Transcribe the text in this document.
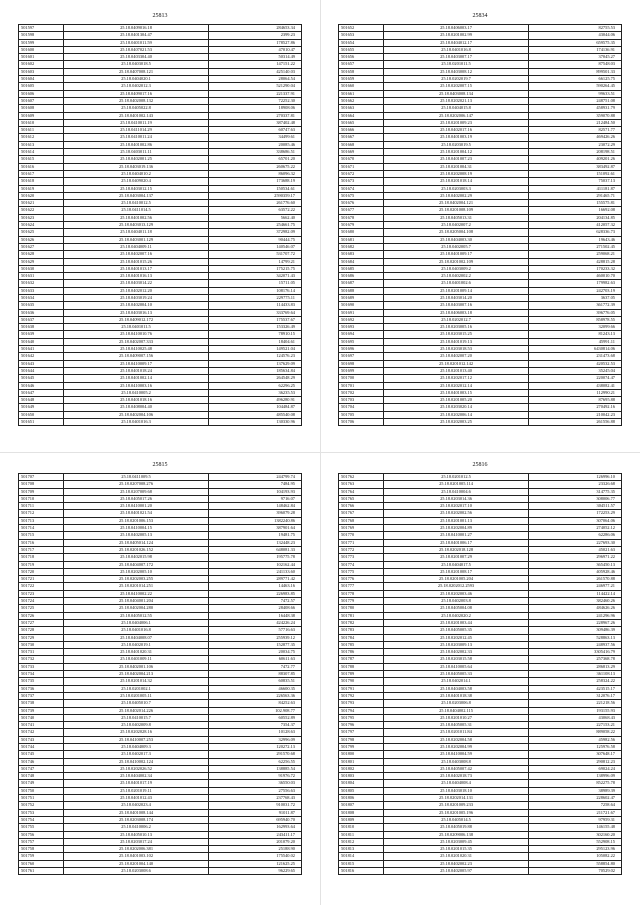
25813
501597	25.18.0409016.18	284653.34
501598	25.18.0401304.47	2399.23
501599	25.18.0401011.59	178527.86
501600	25.18.0407021.53	47010.47
501601	25.18.0403304.40	50314.49
501602	25.18.0403018.5	147151.22
501603	25.18.0407008.121	425140.03
501604	25.18.0404020.1	28064.54
501605	25.18.0402012.3	521290.04
501606	25.18.0409017.16	221337.91
501607	25.18.0402008.132	72252.30
501608	25.18.0405022.8	18908.06
501609	25.18.0401002.143	270337.81
501610	25.18.0410011.19	387402.48
501611	25.18.0411014.29	60747.63
501612	25.18.0410011.24	34499.61
501613	25.18.0401002.86	20085.46
501614	25.18.0403011.11	338686.51
501615	25.18.0402001.25	65701.20
501616	25.18.0403019.136	260675.22
501617	25.18.0404010.2	86096.32
501618	25.18.0409020.4	173688.19
501619	25.18.0403012.15	150534.61
501620	25.18.0403004.137	2590359.17
501621	25.18.0410012.5	261776.60
501622	25.18.0411014.5	63572.22
501623	25.18.0401002.56	5662.40
501624	25.18.0403013.129	254661.75
501625	25.18.0404011.18	372982.09
501626	25.18.0403001.129	90444.75
501627	25.18.0404009.11	140546.07
501628	25.18.0402007.16	531707.72
501629	25.18.0401015.26	14799.21
501630	25.18.0401013.17	175215.75
501631	25.18.0401016.13	342071.43
501632	25.18.0403014.22	15711.05
501633	25.18.0402012.20	108176.14
501634	25.18.0403019.24	229775.11
501635	25.18.0402004.10	114433.83
501636	25.18.0403016.13	333769.64
501637	25.18.0409012.172	175537.67
501638	25.18.0401011.5	153326.49
501639	25.18.0410010.76	78910.15
501640	25.18.0402007.333	18404.61
501641	25.18.0410025.48	149521.04
501642	25.18.0409007.156	124576.23
501643	25.18.0410009.17	137629.09
501644	25.18.0401018.24	185634.84
501645	25.18.0401002.14	264548.29
501646	25.18.0410003.16	62296.25
501647	25.18.0410005.2	36235.53
501648	25.18.0401018.16	496280.91
501649	25.18.0408004.40	104484.87
501650	25.18.0402004.106	485540.08
501651	25.18.0401016.3	130330.96
25834
501652	25.18.0406003.17	82755.53
501653	25.18.0201002.99	43044.06
501654	25.18.0404012.17	659575.35
501655	25.18.0401016.8	174136.91
501656	25.18.0403007.17	37045.27
501657	25.18.0201011.5	87548.03
501658	25.18.0403008.12	899501.33
501659	25.18.0202019.7	66125.75
501660	25.18.0202007.15	590264.45
501661	25.18.0403008.134	99633.51
501662	25.18.0202021.13	248751.08
501663	25.18.0404015.8	458931.79
501664	25.18.0202006.147	359070.88
501665	25.18.0201009.23	212484.50
501666	25.18.0402017.16	82571.77
501667	25.18.0401003.19	469426.26
501668	25.18.0203019.5	23072.29
501669	25.18.0201004.12	208198.51
501670	25.18.0401007.23	409201.26
501671	25.18.0201004.31	383492.87
501672	25.18.0202008.19	151092.61
501673	25.18.0201018.14	75037.13
501674	25.18.0203003.3	411181.87
501675	25.18.0402002.29	291465.71
501676	25.18.0402004.121	155575.81
501677	25.18.0201008.109	16692.08
501678	25.18.0405013.31	204134.85
501679	25.18.0402007.2	412057.32
501680	25.18.0205004.108	628336.73
501681	25.18.0404003.30	19643.46
501682	25.18.0402005.7	271502.45
501683	25.18.0401009.17	259068.21
501684	25.18.0201002.109	428815.28
501685	25.18.0403009.2	170233.32
501686	25.18.0402002.2	460010.70
501687	25.18.0401002.6	179982.63
501688	25.18.0201009.14	242703.19
501689	25.18.0403014.20	3637.05
501690	25.18.0403007.16	361772.39
501691	25.18.0406003.18	396776.05
501692	25.18.0202012.7	858978.55
501693	25.18.0203005.16	32099.66
501694	25.18.0203015.25	81243.13
501695	25.18.0401019.13	45991.11
501696	25.18.0203018.53	6430814.06
501697	25.18.0402007.20	231473.68
501698	25.18.0201012.142	420532.53
501699	25.18.0201013.40	35245.04
501700	25.18.0202017.12	220074.47
501701	25.18.0202012.14	438082.41
501702	25.18.0401003.15	112990.21
501703	25.18.0201005.20	87695.88
501704	25.18.0203020.14	270492.16
501705	25.18.0202006.14	210042.23
501706	25.18.0202003.25	261556.88
25815
501707	25.18.0411009.5	244799.74
501708	25.18.0207008.276	7484.95
501709	25.18.0207009.68	104193.93
501710	25.18.0405017.26	9716.07
501711	25.18.0410001.20	148462.84
501712	25.18.0401021.54	396079.28
501713	25.18.0201006.153	1382240.86
501714	25.18.0410004.15	387901.64
501715	25.18.0402005.13	19481.75
501716	25.18.0405014.124	132448.23
501717	25.18.0201026.152	648081.33
501718	25.18.0402015.98	195775.78
501719	25.18.0404007.172	102162.44
501720	25.18.0202005.10	241133.60
501721	25.18.0202003.255	289771.42
501722	25.18.0201014.251	14463.16
501723	25.18.0410002.22	226983.85
501724	25.18.0404001.204	7472.57
501725	25.18.0402004.280	28408.66
501726	25.18.0405012.55	16448.38
501727	25.18.0404006.1	424226.24
501728	25.18.0401016.8	57716.63
501729	25.18.0404008.07	255939.12
501730	25.18.0402019.1	152877.35
501731	25.18.0401020.31	20034.75
501732	25.18.0401009.11	60611.63
501733	25.18.0402001.106	7472.77
501734	25.18.0402004.213	88307.85
501735	25.18.0201014.32	60835.51
501736	25.18.0201002.1	46600.35
501737	25.18.0201005.11	226563.36
501738	25.18.0405010.7	84252.63
501739	25.18.0402014.226	102.908.77
501740	25.18.0410015.7	60552.89
501741	25.18.0402009.8	7354.37
501742	25.18.0202028.16	10128.63
501743	25.18.0410007.253	32996.09
501744	25.18.0404009.3	120272.13
501745	25.18.0402017.3	291570.68
501746	25.18.0410002.124	62256.55
501747	25.18.0202026.52	138885.54
501748	25.18.0404002.34	91976.72
501749	25.18.0401017.19	36550.03
501750	25.18.0201019.11	27556.63
501751	25.18.0401012.43	237768.43
501752	25.18.0402023.4	910031.72
501753	25.18.0401008.144	91011.87
501754	25.18.0203008.174	695940.70
501755	25.18.0410006.2	162993.64
501756	25.18.0405010.13	243411.17
501757	25.18.0203017.24	201079.20
501758	25.18.0202006.381	25188.90
501759	25.18.0401003.102	175540.02
501760	25.18.0201004.140	121625.25
501761	25.18.0203008.6	96229.65
25816
501762	25.18.0201012.5	126996.10
501763	25.18.0201005.114	23326.68
501764	25.18.0410004.6	314775.35
501765	25.18.0203014.36	308006.77
501766	25.18.0202017.10	304511.57
501767	25.18.0202002.56	172253.29
501768	25.18.0201001.13	307064.06
501769	25.18.0202004.89	274052.12
501770	25.18.0410001.27	62286.06
501771	25.18.0401006.17	227693.30
501772	25.18.0202018.128	45021.63
501773	25.18.0201007.29	296971.22
501774	25.18.0404017.5	365450.13
501775	25.18.0201008.17	405928.46
501776	25.18.0201005.204	261570.88
501777	25.18.0202012.2593	246977.21
501778	25.18.0202003.46	114422.14
501779	25.18.0402003.8	382460.26
501780	25.18.0405004.08	484626.26
501781	25.18.0402020.2	241296.96
501782	25.18.0201003.44	228967.26
501783	25.18.0405005.35	309486.39
501784	25.18.0202012.45	528863.13
501785	25.18.0203009.13	248937.56
501786	25.18.0402002.33	3305416.79
501787	25.18.0203015.58	257368.78
501788	25.18.0410005.64	286813.29
501789	25.18.0405005.33	361108.13
501790	25.18.0402014.1	258324.22
501791	25.18.0404003.58	423515.17
501792	25.18.0401018.38	312076.17
501793	25.18.0203006.8	221218.56
501794	25.18.0404002.115	193155.93
501795	25.18.0201010.27	43068.43
501796	25.18.0405005.31	227153.21
501797	25.18.0201011.84	889058.22
501798	25.18.0202004.58	45982.56
501799	25.18.0202004.99	125976.58
501800	25.18.0410004.59	307648.17
501801	25.18.0403008.8	290812.23
501802	25.18.0405007.42	69024.24
501803	25.18.0402018.73	138996.09
501804	25.18.0404008.4	852275.78
501805	25.18.0403018.10	38989.39
501806	25.18.0202014.131	228602.47
501807	25.18.0201009.233	7258.64
501808	25.18.0201005.196	211721.67
501809	25.18.0405014.5	97959.31
501810	25.18.0405019.88	146155.48
501811	25.18.0209006.138	302160.20
501812	25.18.0203009.45	552908.15
501813	25.18.0201015.35	295123.96
501814	25.18.0201020.31	105082.22
501815	25.18.0402002.23	558854.80
501816	25.18.0402005.97	70529.02
